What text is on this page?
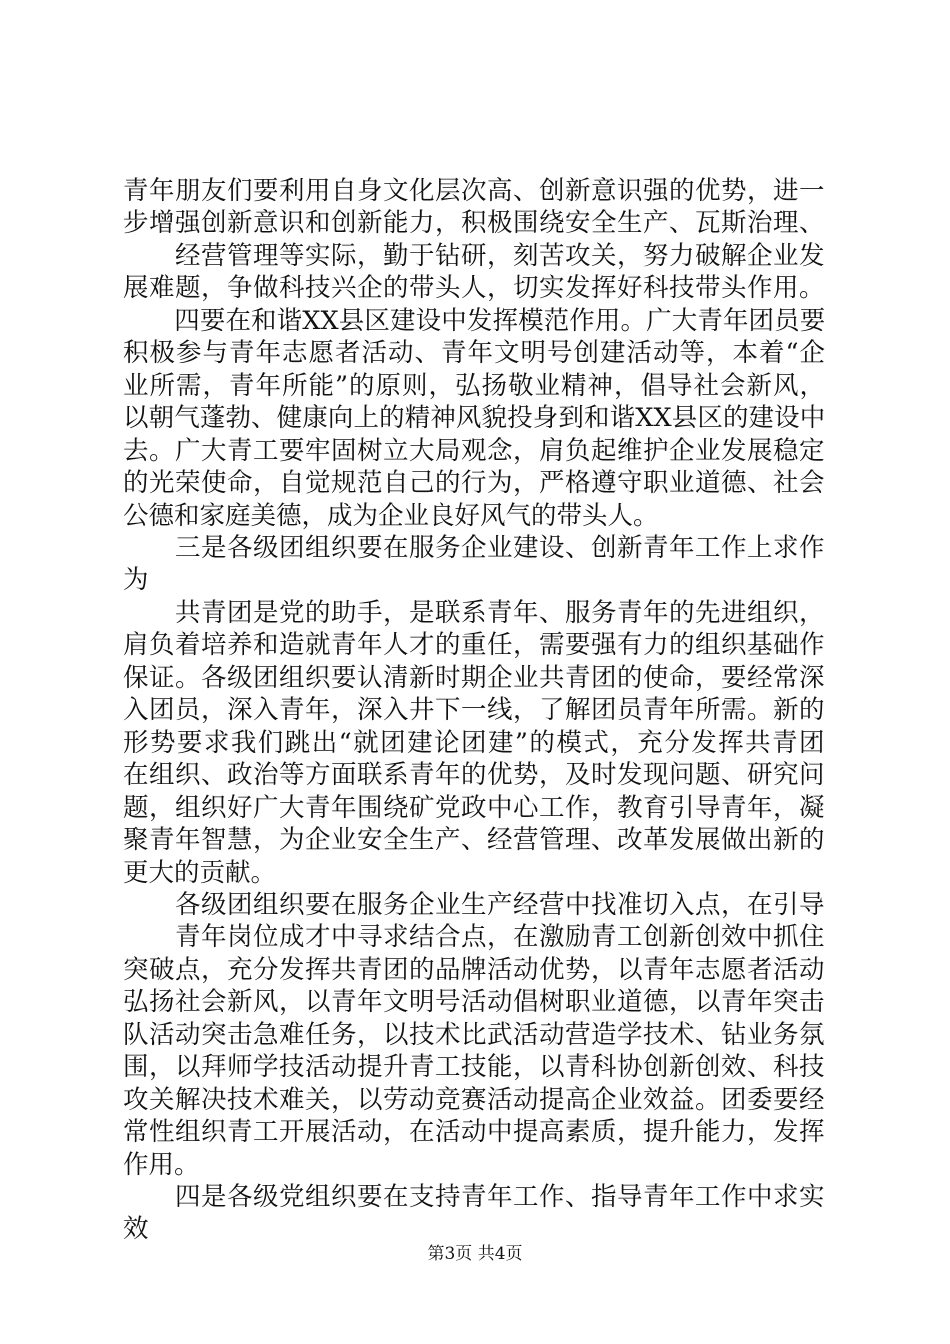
青年朋友们要利用自身文化层次高、创新意识强的优势，进一
步增强创新意识和创新能力，积极围绕安全生产、瓦斯治理、
　　经营管理等实际，勤于钻研，刻苦攻关，努力破解企业发
展难题，争做科技兴企的带头人，切实发挥好科技带头作用。
　　四要在和谐XX县区建设中发挥模范作用。广大青年团员要
积极参与青年志愿者活动、青年文明号创建活动等，本着“企
业所需，青年所能”的原则，弘扬敬业精神，倡导社会新风，
以朝气蓬勃、健康向上的精神风貌投身到和谐XX县区的建设中
去。广大青工要牢固树立大局观念，肩负起维护企业发展稳定
的光荣使命，自觉规范自己的行为，严格遵守职业道德、社会
公德和家庭美德，成为企业良好风气的带头人。
　　三是各级团组织要在服务企业建设、创新青年工作上求作
为
　　共青团是党的助手，是联系青年、服务青年的先进组织，
肩负着培养和造就青年人才的重任，需要强有力的组织基础作
保证。各级团组织要认清新时期企业共青团的使命，要经常深
入团员，深入青年，深入井下一线，了解团员青年所需。新的
形势要求我们跳出“就团建论团建”的模式，充分发挥共青团
在组织、政治等方面联系青年的优势，及时发现问题、研究问
题，组织好广大青年围绕矿党政中心工作，教育引导青年，凝
聚青年智慧，为企业安全生产、经营管理、改革发展做出新的
更大的贡献。
　　各级团组织要在服务企业生产经营中找准切入点，在引导
　　青年岗位成才中寻求结合点，在激励青工创新创效中抓住
突破点，充分发挥共青团的品牌活动优势，以青年志愿者活动
弘扬社会新风，以青年文明号活动倡树职业道德，以青年突击
队活动突击急难任务，以技术比武活动营造学技术、钻业务氛
围，以拜师学技活动提升青工技能，以青科协创新创效、科技
攻关解决技术难关，以劳动竞赛活动提高企业效益。团委要经
常性组织青工开展活动，在活动中提高素质，提升能力，发挥
作用。
　　四是各级党组织要在支持青年工作、指导青年工作中求实
效
第3页 共4页
